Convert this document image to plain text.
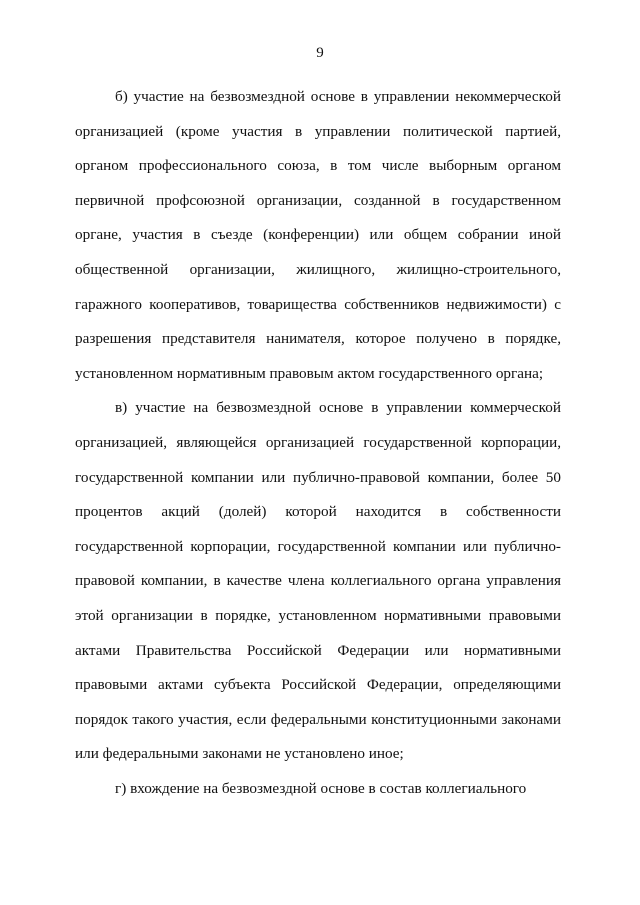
9

б) участие на безвозмездной основе в управлении некоммерческой организацией (кроме участия в управлении политической партией, органом профессионального союза, в том числе выборным органом первичной профсоюзной организации, созданной в государственном органе, участия в съезде (конференции) или общем собрании иной общественной организации, жилищного, жилищно-строительного, гаражного кооперативов, товарищества собственников недвижимости) с разрешения представителя нанимателя, которое получено в порядке, установленном нормативным правовым актом государственного органа;

в) участие на безвозмездной основе в управлении коммерческой организацией, являющейся организацией государственной корпорации, государственной компании или публично-правовой компании, более 50 процентов акций (долей) которой находится в собственности государственной корпорации, государственной компании или публично-правовой компании, в качестве члена коллегиального органа управления этой организации в порядке, установленном нормативными правовыми актами Правительства Российской Федерации или нормативными правовыми актами субъекта Российской Федерации, определяющими порядок такого участия, если федеральными конституционными законами или федеральными законами не установлено иное;

г) вхождение на безвозмездной основе в состав коллегиального
